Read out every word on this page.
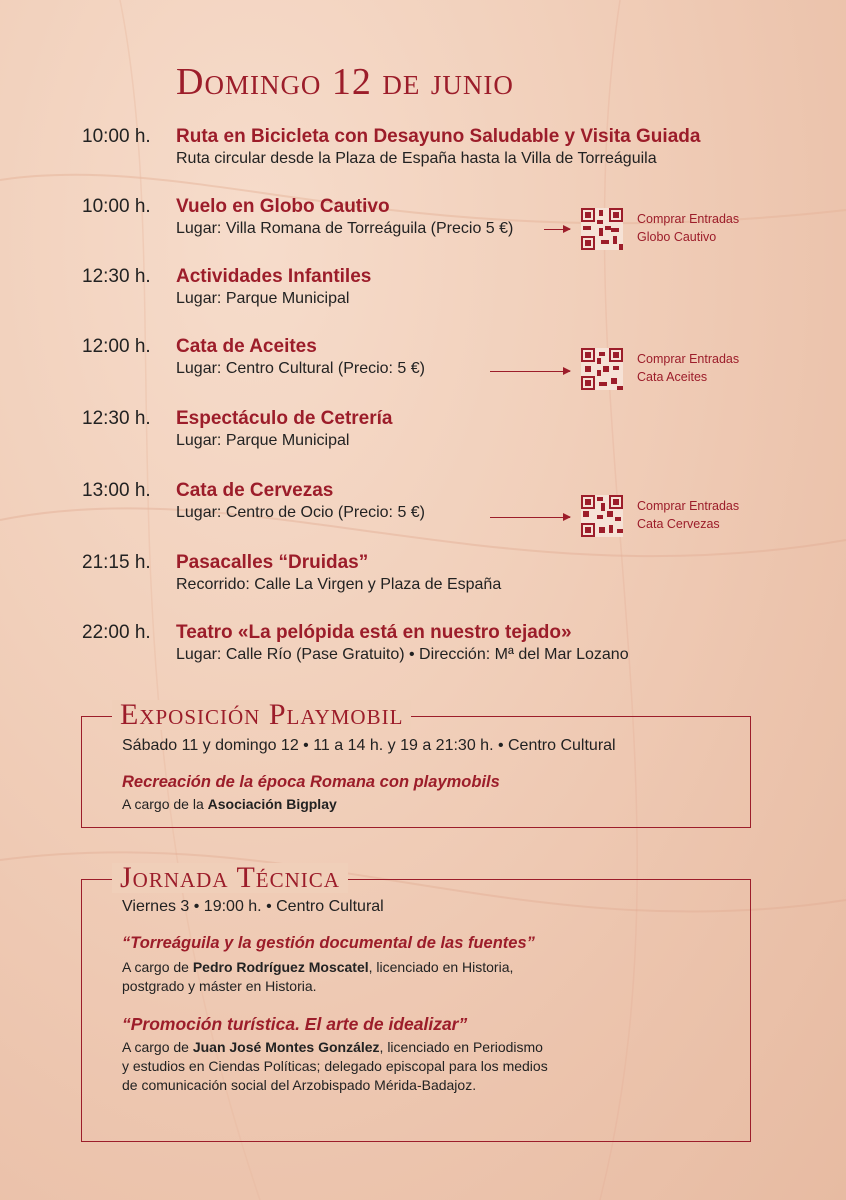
Domingo 12 de junio
10:00 h. Ruta en Bicicleta con Desayuno Saludable y Visita Guiada
Ruta circular desde la Plaza de España hasta la Villa de Torreáguila
10:00 h. Vuelo en Globo Cautivo
Lugar: Villa Romana de Torreáguila (Precio 5 €)
Comprar Entradas
Globo Cautivo
12:30 h. Actividades Infantiles
Lugar: Parque Municipal
12:00 h. Cata de Aceites
Lugar: Centro Cultural (Precio: 5 €)
Comprar Entradas
Cata Aceites
12:30 h. Espectáculo de Cetrería
Lugar: Parque Municipal
13:00 h. Cata de Cervezas
Lugar: Centro de Ocio (Precio: 5 €)	Comprar Entradas
Cata Cervezas
21:15 h. Pasacalles “Druidas”
Recorrido: Calle La Virgen y Plaza de España
22:00 h. Teatro «La pelópida está en nuestro tejado»
Lugar: Calle Río (Pase Gratuito) • Dirección: Mª del Mar Lozano
Exposición Playmobil
Sábado 11 y domingo 12 • 11 a 14 h. y 19 a 21:30 h. • Centro Cultural
Recreación de la época Romana con playmobils
A cargo de la Asociación Bigplay
Jornada Técnica
Viernes 3 • 19:00 h. • Centro Cultural
“Torreáguila y la gestión documental de las fuentes”
A cargo de Pedro Rodríguez Moscatel, licenciado en Historia,
postgrado y máster en Historia.
“Promoción turística. El arte de idealizar”
A cargo de Juan José Montes González, licenciado en Periodismo
y estudios en Ciendas Políticas; delegado episcopal para los medios
de comunicación social del Arzobispado Mérida-Badajoz.
